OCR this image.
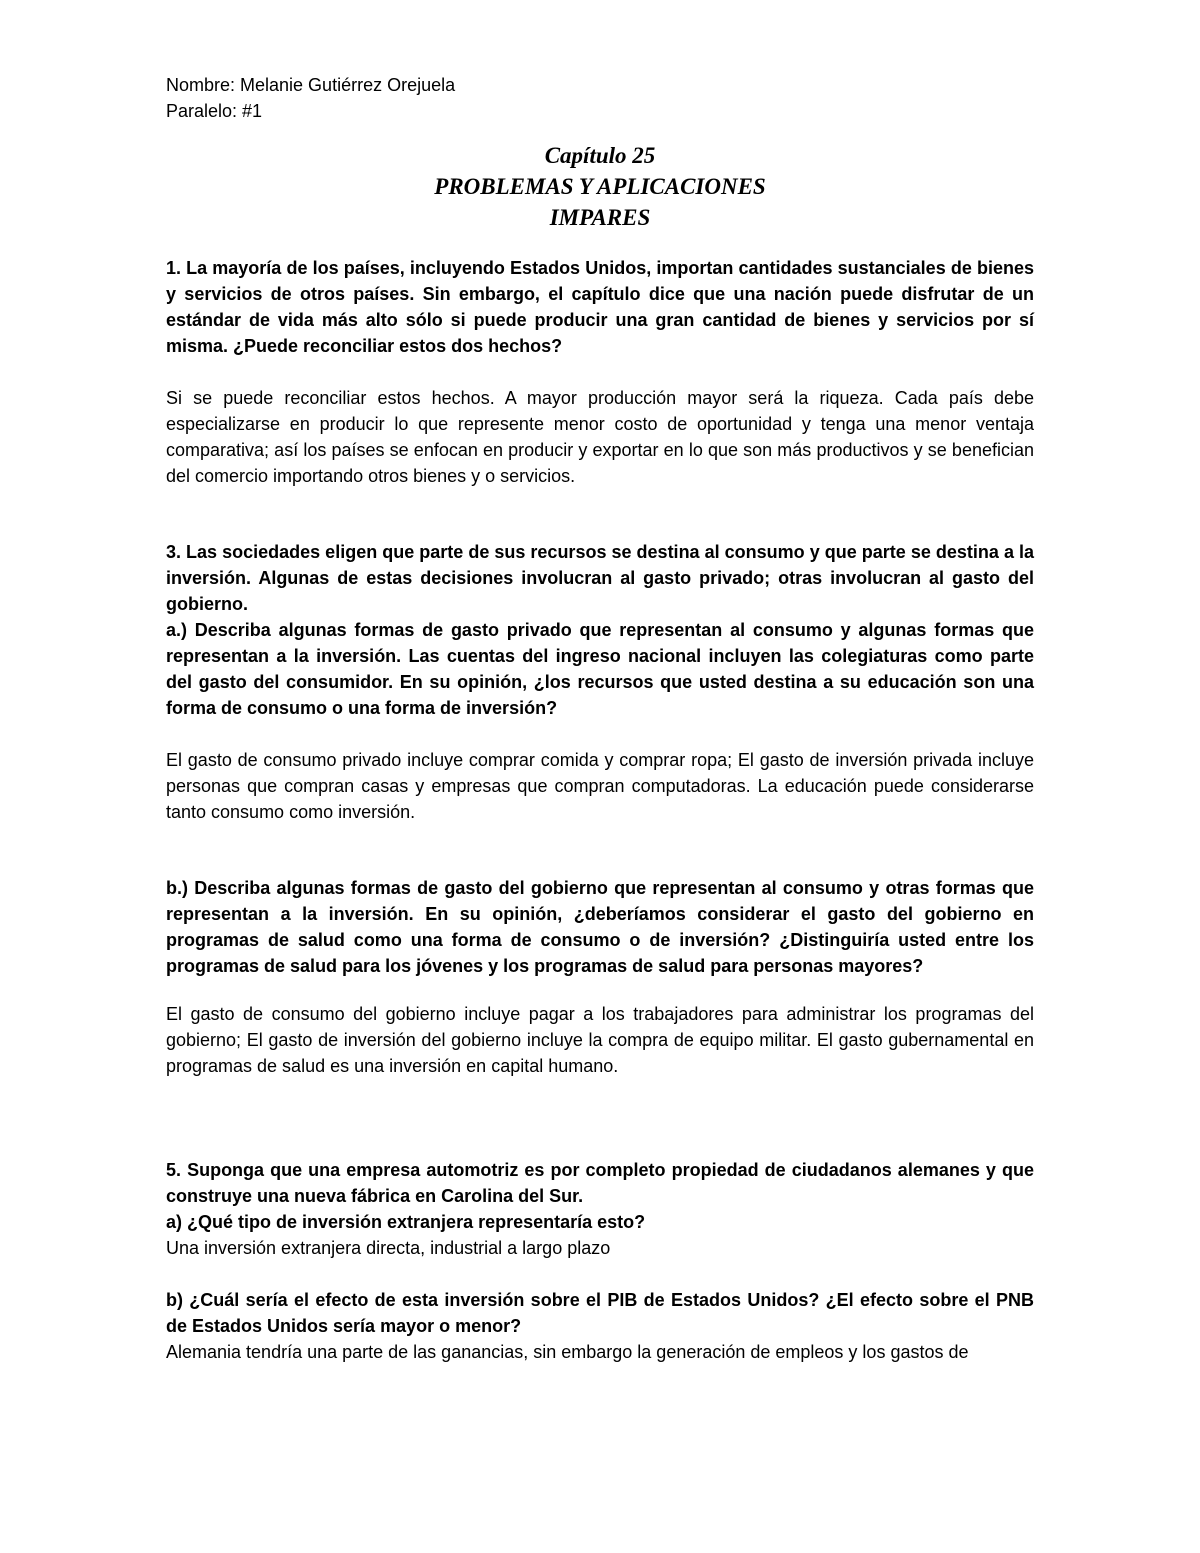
Nombre: Melanie Gutiérrez Orejuela

Paralelo: #1

Capítulo 25
PROBLEMAS Y APLICACIONES
IMPARES

1. La mayoría de los países, incluyendo Estados Unidos, importan cantidades sustanciales de bienes y servicios de otros países. Sin embargo, el capítulo dice que una nación puede disfrutar de un estándar de vida más alto sólo si puede producir una gran cantidad de bienes y servicios por sí misma. ¿Puede reconciliar estos dos hechos?

Si se puede reconciliar estos hechos. A mayor producción mayor será la riqueza. Cada país debe especializarse en producir lo que represente menor costo de oportunidad y tenga una menor ventaja comparativa; así los países se enfocan en producir y exportar en lo que son más productivos y se benefician del comercio importando otros bienes y o servicios.

3. Las sociedades eligen que parte de sus recursos se destina al consumo y que parte se destina a la inversión. Algunas de estas decisiones involucran al gasto privado; otras involucran al gasto del gobierno.

a.) Describa algunas formas de gasto privado que representan al consumo y algunas formas que representan a la inversión. Las cuentas del ingreso nacional incluyen las colegiaturas como parte del gasto del consumidor. En su opinión, ¿los recursos que usted destina a su educación son una forma de consumo o una forma de inversión?

El gasto de consumo privado incluye comprar comida y comprar ropa; El gasto de inversión privada incluye personas que compran casas y empresas que compran computadoras. La educación puede considerarse tanto consumo como inversión.

b.) Describa algunas formas de gasto del gobierno que representan al consumo y otras formas que representan a la inversión. En su opinión, ¿deberíamos considerar el gasto del gobierno en programas de salud como una forma de consumo o de inversión? ¿Distinguiría usted entre los programas de salud para los jóvenes y los programas de salud para personas mayores?

El gasto de consumo del gobierno incluye pagar a los trabajadores para administrar los programas del gobierno; El gasto de inversión del gobierno incluye la compra de equipo militar. El gasto gubernamental en programas de salud es una inversión en capital humano.

5. Suponga que una empresa automotriz es por completo propiedad de ciudadanos alemanes y que construye una nueva fábrica en Carolina del Sur.

a) ¿Qué tipo de inversión extranjera representaría esto?

Una inversión extranjera directa, industrial a largo plazo

b) ¿Cuál sería el efecto de esta inversión sobre el PIB de Estados Unidos? ¿El efecto sobre el PNB de Estados Unidos sería mayor o menor?

Alemania tendría una parte de las ganancias, sin embargo la generación de empleos y los gastos de
